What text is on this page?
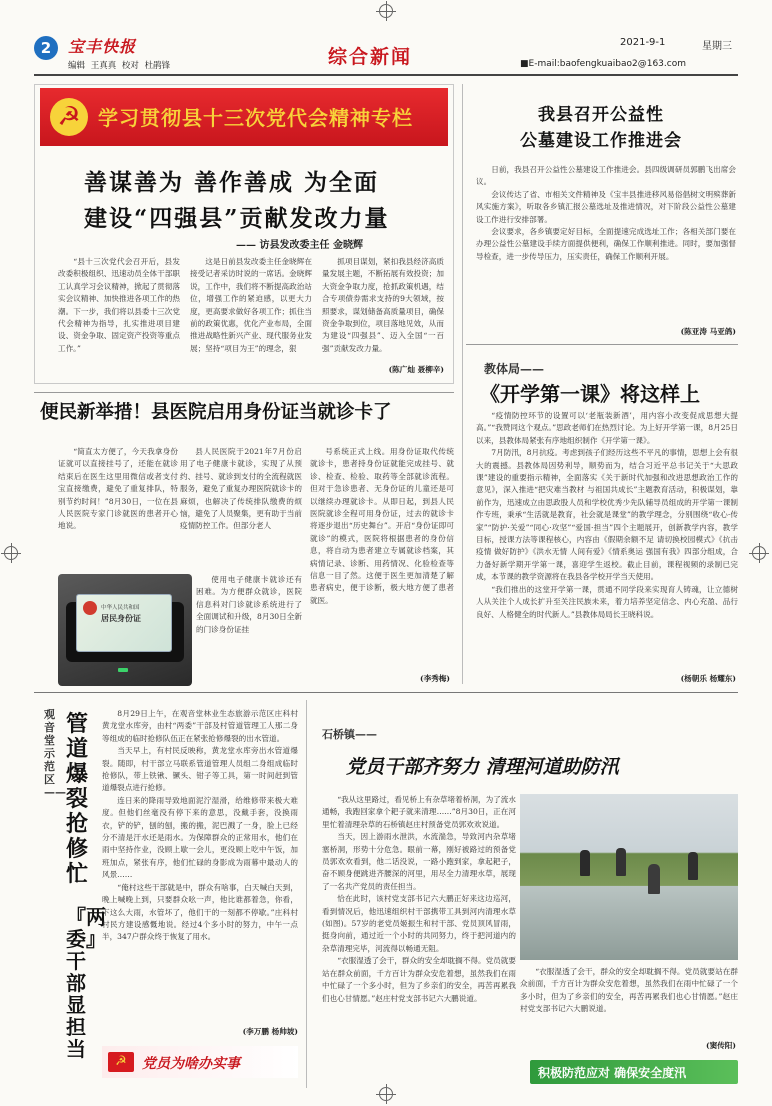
2	宝丰快报
编辑 王真真 校对 杜鹃锋	综合新闻
2021-9-1	星期三
■E-mail:baofengkuaibao2@163.com
☭ 学习贯彻县十三次党代会精神专栏
善谋善为 善作善成 为全面
建设“四强县”贡献发改力量
—— 访县发改委主任 金晓辉

“县十三次党代会召开后，县发改委积极组织、迅速动员全体干部职工认真学习会议精神，掀起了贯彻落实会议精神、加快推进各项工作的热潮。下一步，我们将以县委十三次党代会精神为指导，扎实推进项目建设、资金争取、固定资产投资等重点工作。”

这是日前县发改委主任金晓辉在接受记者采访时说的一席话。金晓辉说，工作中，我们将不断提高政治站位，增强工作的紧迫感，以更大力度，更高要求做好各项工作；抓住当前的政策优惠，优化产业布局，全面推进战略性新兴产业、现代服务业发展；坚持“项目为王”的理念，狠

抓项目谋划，紧扣我县经济高质量发展主题，不断拓展有效投资；加大资金争取力度，抢抓政策机遇，结合专项债券需求支持的9大领域，按照要求，谋划储备高质量项目，确保资金争取到位，项目落地见效，从而为建设“四强县”、迈入全国“一百强”贡献发改力量。

(陈广灿 聂柳辛)
我县召开公益性
公墓建设工作推进会

日前，我县召开公益性公墓建设工作推进会。县四级调研员郭鹏飞出席会议。

会议传达了省、市相关文件精神及《宝丰县推进移风易俗倡树文明殡葬新风实施方案》，听取各乡镇汇报公墓选址及推进情况，对下阶段公益性公墓建设工作进行安排部署。

会议要求，各乡镇要定好目标，全面提速完成选址工作；各相关部门要在办理公益性公墓建设手续方面提供便利，确保工作顺利推进。同时，要加强督导检查，进一步传导压力，压实责任，确保工作顺利开展。

(陈亚涛 马亚鸽)
教体局——
《开学第一课》将这样上

“疫情防控环节的设置可以‘老瓶装新酒’，用内容小改变促成思想大提高。”“我赞同这个观点。”思政老师们在热烈讨论。为上好开学第一课，8月25日以来，县教体局紧张有序地组织制作《开学第一课》。

7月防汛，8月抗疫。考虑到孩子们经历这些不平凡的事情，思想上会有很大的震撼。县教体局因势利导，顺势而为，结合习近平总书记关于“大思政课”建设的重要指示精神，全面落实《关于新时代加强和改进思想政治工作的意见》，深入推进“把灾难当教材 与祖国共成长”主题教育活动，积极谋划，靠前作为，迅速成立由思政股人员和学校优秀少先队辅导员组成的开学第一课制作专班，秉承“生活就是教育，社会就是课堂”的教学理念，分别围绕“收心·传家”“防护·关爱”“同心·攻坚”“爱国·担当”四个主题展开，创新教学内容，教学目标，授课方法等课程核心，内容由《假期余额不足 请切换校园模式》《抗击疫情 做好防护》《洪水无情 人间有爱》《情系奥运 强国有我》四部分组成，合力备好新学期开学第一课，喜迎学生返校。截止目前，课程视频的录制已完成，本节课的教学资源将在我县各学校开学当天使用。

“我们推出的这堂开学第一课，贯通不同学段来实现育人铸魂，让立德树人从关注个人成长扩升至关注民族未来，着力培养坚定信念、内心充盈、品行良好、人格健全的时代新人。”县教体局局长王晓科说。

(杨朝乐 杨耀东)
便民新举措！县医院启用身份证当就诊卡了

“简直太方便了，今天我拿身份证就可以直接挂号了，还能在就诊结束后在医生这里用微信或者支付宝直接缴费，避免了重复排队，特别节约时间！”8月30日，一位在县人民医院专家门诊就医的患者开心地说。

县人民医院于2021年7月份启用了电子健康卡就诊，实现了从预约、挂号、就诊到支付的全流程就医服务，避免了重复办理医院就诊卡的麻烦，也解决了传统排队缴费的烦恼，避免了人员聚集，更有助于当前疫情防控工作。但部分老人

中华人民共和国
居民身份证

使用电子健康卡就诊还有困难。为方便群众就诊，医院信息科对门诊就诊系统进行了全面调试和升级，8月30日全新的门诊身份证挂

号系统正式上线。用身份证取代传统就诊卡，患者持身份证就能完成挂号、就诊、检查、检验、取药等全部就诊流程。但对于急诊患者、无身份证的儿童还是可以继续办理就诊卡。从即日起，到县人民医院就诊全程可用身份证，过去的就诊卡将逐步退出“历史舞台”。开启“身份证即可就诊”的模式，医院将根据患者的身份信息，将自动为患者建立专属就诊档案，其病情记录、诊断、用药情况、化验检查等信息一目了然。这便于医生更加清楚了解患者病史，便于诊断，极大地方便了患者就医。

(李秀梅)
观音堂示范区——
管道爆裂抢修忙
『两委』干部显担当

8月29日上午，在观音堂林业生态旅游示范区庄科村黄龙堂水库旁，由村“两委”干部及村管道管理工人那二身等组成的临时抢修队伍正在紧张抢修爆裂的出水管道。

当天早上，有村民反映称，黄龙堂水库旁出水管道爆裂。随即，村干部立马联系管道管理人员组二身组成临时抢修队，带上铁锹、镢头、钳子等工具，第一时间赶到管道爆裂点进行抢修。

连日来的降雨导致地面泥泞湿滑，给维修带来极大难度。但他们丝毫没有停下来的意思，没戴手套，没换雨衣，铲的铲，刨的刨，搬的搬，泥巴溅了一身，脸上已经分不清是汗水还是雨水。为保障群众的正常用水，他们在雨中坚持作业，没顾上歇一会儿，更没顾上吃中午饭，加班加点，紧张有序，他们忙碌的身影成为雨幕中最动人的风景……

“俺村这些干部就是中，群众有啥事，白天喊白天到，晚上喊晚上到，只要群众吆一声，他比谁都着急，你看，下这么大雨，水管坏了，他们干的一刻都不停歇。”庄科村村民方建设感慨地说。经过4个多小时的努力，中午一点半，347户群众终于恢复了用水。

(李万鹏 杨帅坡)
☭	党员为啥办实事
石桥镇——
党员干部齐努力 清理河道助防汛

“我从这里路过，看见桥上有杂草堵着桥洞，为了流水通畅，我跑回家拿个耙子就来清理……”8月30日，正在河里忙着清理杂草的石桥镇赵庄村预备党员郭欢欢说道。

当天，因上游雨水泄洪，水流湍急，导致河内杂草堵塞桥洞，形势十分危急。眼前一幕，刚好被路过的预备党员郭欢欢看到，他二话没说，一路小跑到家，拿起耙子，奋不顾身便跳进齐腰深的河里，用尽全力清理水草，展现了一名共产党员的责任担当。

恰在此时，该村党支部书记六大鹏正好来这边巡河，看到情况后，他迅速组织村干部携带工具到河内清理水草(如图)。57岁的老党员姬振生和村干部、党员顶风冒雨，挺身向前，通过近一个小时的共同努力，终于把河道内的杂草清理完毕，河流得以畅通无阻。

“衣服湿透了会干，群众的安全却耽搁不得。党员就要站在群众前面，千方百计为群众安危着想，虽然我们在雨中忙碌了一个多小时，但为了乡亲们的安全，再苦再累我们也心甘情愿。”赵庄村党支部书记六大鹏说道。

“衣服湿透了会干，群众的安全却耽搁不得。党员就要站在群众前面，千方百计为群众安危着想，虽然我们在雨中忙碌了一个多小时，但为了乡亲们的安全，再苦再累我们也心甘情愿。”赵庄村党支部书记六大鹏说道。

(窦传阳)
积极防范应对 确保安全度汛
